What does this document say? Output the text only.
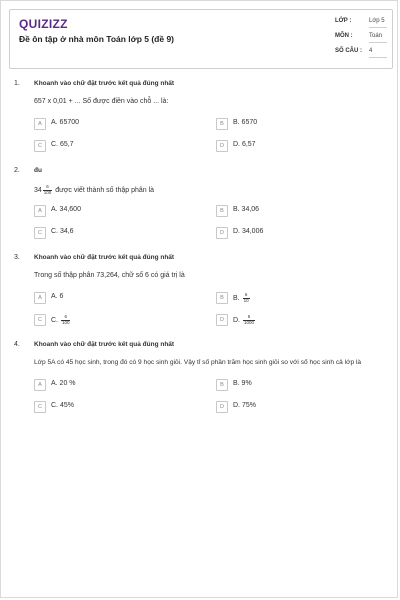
QUIZIZZ
Đề ôn tập ở nhà môn Toán lớp 5 (đề 9)
LỚP :	Lớp 5
MÔN :	Toán
SỐ CÂU : 4
1. Khoanh vào chữ đặt trước kết quả đúng nhất
657 x 0,01 + ... Số được điền vào chỗ ... là:
A	A. 65700	B	B. 6570
C	C. 65,7	D	D. 6,57
2. đu
$34 \frac{6}{100}$ được viết thành số thập phân là
A	A. 34,600	B	B. 34,06
C	C. 34,6	D	D. 34,006
3. Khoanh vào chữ đặt trước kết quả đúng nhất
Trong số thập phân 73,264, chữ số 6 có giá trị là
A	A. 6	B	B. $\frac{6}{10}$
C	C. $\frac{6}{100}$	D	D. $\frac{6}{1000}$
4. Khoanh vào chữ đặt trước kết quả đúng nhất
Lớp 5A có 45 học sinh, trong đó có 9 học sinh giỏi. Vậy tỉ số phần trăm học sinh giỏi so với số học sinh cả lớp là
A	A. 20 %	B	B. 9%
C	C. 45%	D	D. 75%
